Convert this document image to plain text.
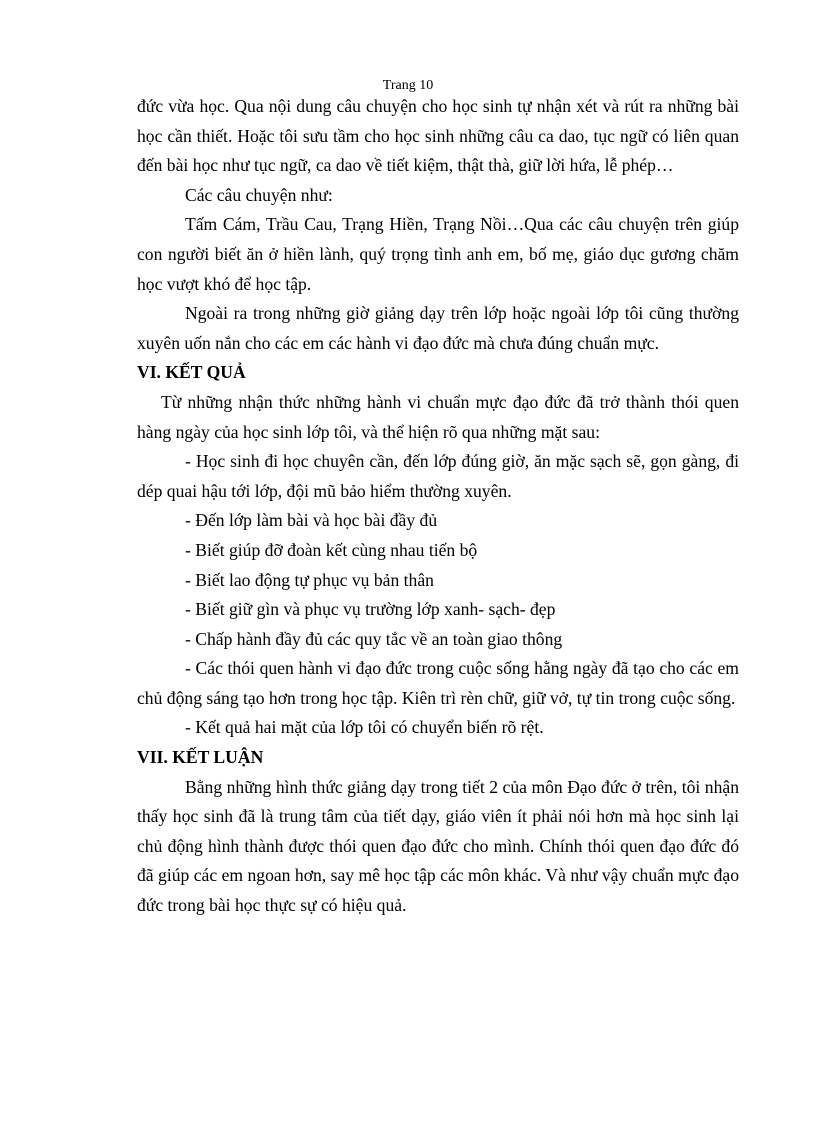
Trang 10

đức vừa học. Qua nội dung câu chuyện cho học sinh tự nhận xét và rút ra những bài học cần thiết. Hoặc tôi sưu tầm cho học sinh những câu ca dao, tục ngữ có liên quan đến bài học như tục ngữ, ca dao về tiết kiệm, thật thà, giữ lời hứa, lễ phép…

Các câu chuyện như:

Tấm Cám, Trầu Cau, Trạng Hiền, Trạng Nồi…Qua các câu chuyện trên giúp con người biết ăn ở hiền lành, quý trọng tình anh em, bố mẹ, giáo dục gương chăm học vượt khó để học tập.

Ngoài ra trong những giờ giảng dạy trên lớp hoặc ngoài lớp tôi cũng thường xuyên uốn nắn cho các em các hành vi đạo đức mà chưa đúng chuẩn mực.

VI. KẾT QUẢ

Từ những nhận thức những hành vi chuẩn mực đạo đức đã trở thành thói quen hàng ngày của học sinh lớp tôi, và thể hiện rõ qua những mặt sau:

- Học sinh đi học chuyên cần, đến lớp đúng giờ, ăn mặc sạch sẽ, gọn gàng, đi dép quai hậu tới lớp, đội mũ bảo hiểm thường xuyên.

- Đến lớp làm bài và học bài đầy đủ

- Biết giúp đỡ đoàn kết cùng nhau tiến bộ

- Biết lao động tự phục vụ bản thân

- Biết giữ gìn và phục vụ trường lớp xanh- sạch- đẹp

- Chấp hành đầy đủ các quy tắc về an toàn giao thông

- Các thói quen hành vi đạo đức trong cuộc sống hằng ngày đã tạo cho các em chủ động sáng tạo hơn trong học tập. Kiên trì rèn chữ, giữ vở, tự tin trong cuộc sống.

- Kết quả hai mặt của lớp tôi có chuyển biến rõ rệt.

VII. KẾT LUẬN

Bằng những hình thức giảng dạy trong tiết 2 của môn Đạo đức ở trên, tôi nhận thấy học sinh đã là trung tâm của tiết dạy, giáo viên ít phải nói hơn mà học sinh lại chủ động hình thành được thói quen đạo đức cho mình. Chính thói quen đạo đức đó đã giúp các em ngoan hơn, say mê học tập các môn khác. Và như vậy chuẩn mực đạo đức trong bài học thực sự có hiệu quả.
